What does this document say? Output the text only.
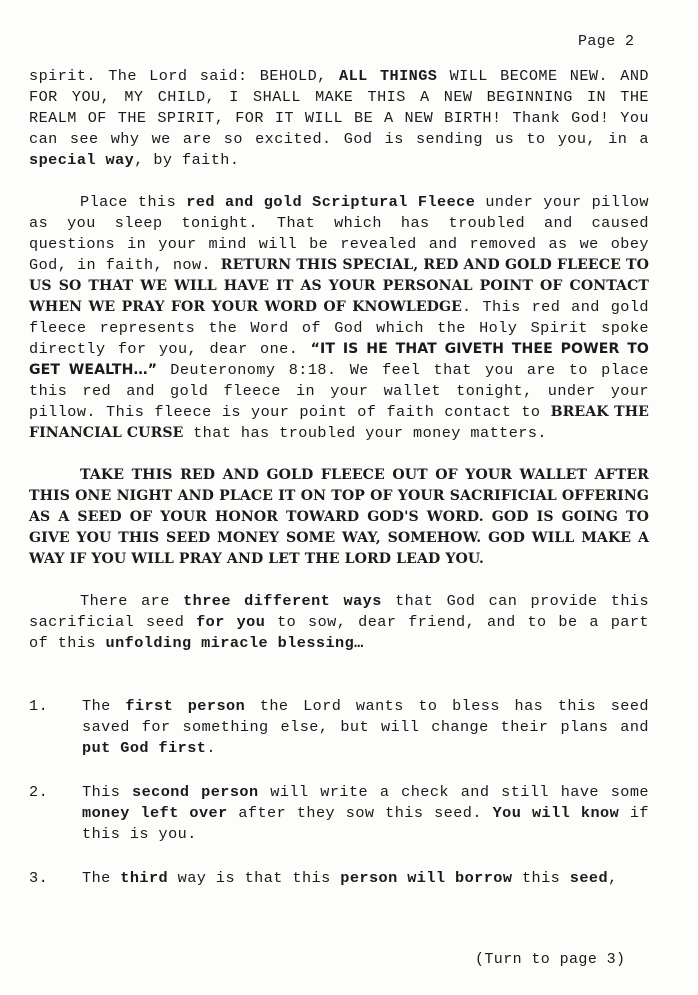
Page 2

spirit. The Lord said: BEHOLD, ALL THINGS WILL BECOME NEW. AND FOR YOU, MY CHILD, I SHALL MAKE THIS A NEW BEGINNING IN THE REALM OF THE SPIRIT, FOR IT WILL BE A NEW BIRTH! Thank God! You can see why we are so excited. God is sending us to you, in a special way, by faith.

Place this red and gold Scriptural Fleece under your pillow as you sleep tonight. That which has troubled and caused questions in your mind will be revealed and removed as we obey God, in faith, now. RETURN THIS SPECIAL, RED AND GOLD FLEECE TO US SO THAT WE WILL HAVE IT AS YOUR PERSONAL POINT OF CONTACT WHEN WE PRAY FOR YOUR WORD OF KNOWLEDGE. This red and gold fleece represents the Word of God which the Holy Spirit spoke directly for you, dear one. “IT IS HE THAT GIVETH THEE POWER TO GET WEALTH…” Deuteronomy 8:18. We feel that you are to place this red and gold fleece in your wallet tonight, under your pillow. This fleece is your point of faith contact to BREAK THE FINANCIAL CURSE that has troubled your money matters.

TAKE THIS RED AND GOLD FLEECE OUT OF YOUR WALLET AFTER THIS ONE NIGHT AND PLACE IT ON TOP OF YOUR SACRIFICIAL OFFERING AS A SEED OF YOUR HONOR TOWARD GOD'S WORD. GOD IS GOING TO GIVE YOU THIS SEED MONEY SOME WAY, SOMEHOW. GOD WILL MAKE A WAY IF YOU WILL PRAY AND LET THE LORD LEAD YOU.

There are three different ways that God can provide this sacrificial seed for you to sow, dear friend, and to be a part of this unfolding miracle blessing…

1. The first person the Lord wants to bless has this seed saved for something else, but will change their plans and put God first.

2. This second person will write a check and still have some money left over after they sow this seed. You will know if this is you.

3. The third way is that this person will borrow this seed,

(Turn to page 3)
